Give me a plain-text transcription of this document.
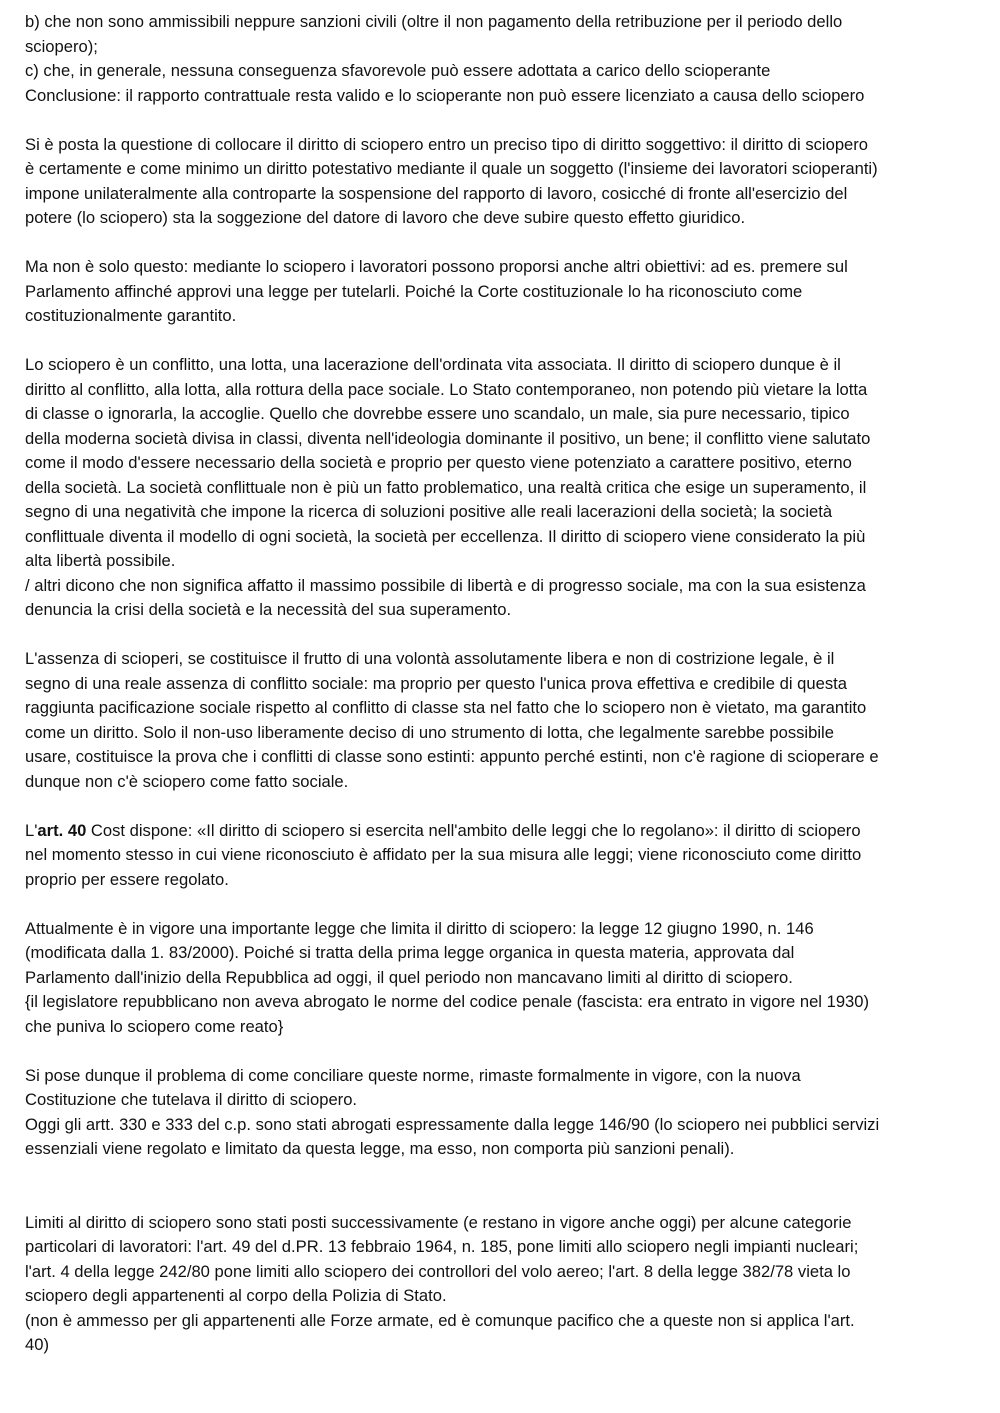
b) che non sono ammissibili neppure sanzioni civili (oltre il non pagamento della retribuzione per il periodo dello
sciopero);
c) che, in generale, nessuna conseguenza sfavorevole può essere adottata a carico dello scioperante
Conclusione: il rapporto contrattuale resta valido e lo scioperante non può essere licenziato a causa dello sciopero
Si è posta la questione di collocare il diritto di sciopero entro un preciso tipo di diritto soggettivo: il diritto di sciopero
è certamente e come minimo un diritto potestativo mediante il quale un soggetto (l'insieme dei lavoratori scioperanti)
impone unilateralmente alla controparte la sospensione del rapporto di lavoro, cosicché di fronte all'esercizio del
potere (lo sciopero) sta la soggezione del datore di lavoro che deve subire questo effetto giuridico.
Ma non è solo questo: mediante lo sciopero i lavoratori possono proporsi anche altri obiettivi: ad es. premere sul
Parlamento affinché approvi una legge per tutelarli. Poiché la Corte costituzionale lo ha riconosciuto come
costituzionalmente garantito.
Lo sciopero è un conflitto, una lotta, una lacerazione dell'ordinata vita associata. Il diritto di sciopero dunque è il
diritto al conflitto, alla lotta, alla rottura della pace sociale. Lo Stato contemporaneo, non potendo più vietare la lotta
di classe o ignorarla, la accoglie. Quello che dovrebbe essere uno scandalo, un male, sia pure necessario, tipico
della moderna società divisa in classi, diventa nell'ideologia dominante il positivo, un bene; il conflitto viene salutato
come il modo d'essere necessario della società e proprio per questo viene potenziato a carattere positivo, eterno
della società. La società conflittuale non è più un fatto problematico, una realtà critica che esige un superamento, il
segno di una negatività che impone la ricerca di soluzioni positive alle reali lacerazioni della società; la società
conflittuale diventa il modello di ogni società, la società per eccellenza. Il diritto di sciopero viene considerato la più
alta libertà possibile.
/ altri dicono che non significa affatto il massimo possibile di libertà e di progresso sociale, ma con la sua esistenza
denuncia la crisi della società e la necessità del sua superamento.
L'assenza di scioperi, se costituisce il frutto di una volontà assolutamente libera e non di costrizione legale, è il
segno di una reale assenza di conflitto sociale: ma proprio per questo l'unica prova effettiva e credibile di questa
raggiunta pacificazione sociale rispetto al conflitto di classe sta nel fatto che lo sciopero non è vietato, ma garantito
come un diritto. Solo il non-uso liberamente deciso di uno strumento di lotta, che legalmente sarebbe possibile
usare, costituisce la prova che i conflitti di classe sono estinti: appunto perché estinti, non c'è ragione di scioperare e
dunque non c'è sciopero come fatto sociale.
L'art. 40 Cost dispone: «Il diritto di sciopero si esercita nell'ambito delle leggi che lo regolano»: il diritto di sciopero
nel momento stesso in cui viene riconosciuto è affidato per la sua misura alle leggi; viene riconosciuto come diritto
proprio per essere regolato.
Attualmente è in vigore una importante legge che limita il diritto di sciopero: la legge 12 giugno 1990, n. 146
(modificata dalla 1. 83/2000). Poiché si tratta della prima legge organica in questa materia, approvata dal
Parlamento dall'inizio della Repubblica ad oggi, il quel periodo non mancavano limiti al diritto di sciopero.
{il legislatore repubblicano non aveva abrogato le norme del codice penale (fascista: era entrato in vigore nel 1930)
che puniva lo sciopero come reato}
Si pose dunque il problema di come conciliare queste norme, rimaste formalmente in vigore, con la nuova
Costituzione che tutelava il diritto di sciopero.
Oggi gli artt. 330 e 333 del c.p. sono stati abrogati espressamente dalla legge 146/90 (lo sciopero nei pubblici servizi
essenziali viene regolato e limitato da questa legge, ma esso, non comporta più sanzioni penali).
Limiti al diritto di sciopero sono stati posti successivamente (e restano in vigore anche oggi) per alcune categorie
particolari di lavoratori: l'art. 49 del d.PR. 13 febbraio 1964, n. 185, pone limiti allo sciopero negli impianti nucleari;
l'art. 4 della legge 242/80 pone limiti allo sciopero dei controllori del volo aereo; l'art. 8 della legge 382/78 vieta lo
sciopero degli appartenenti al corpo della Polizia di Stato.
(non è ammesso per gli appartenenti alle Forze armate, ed è comunque pacifico che a queste non si applica l'art.
40)
